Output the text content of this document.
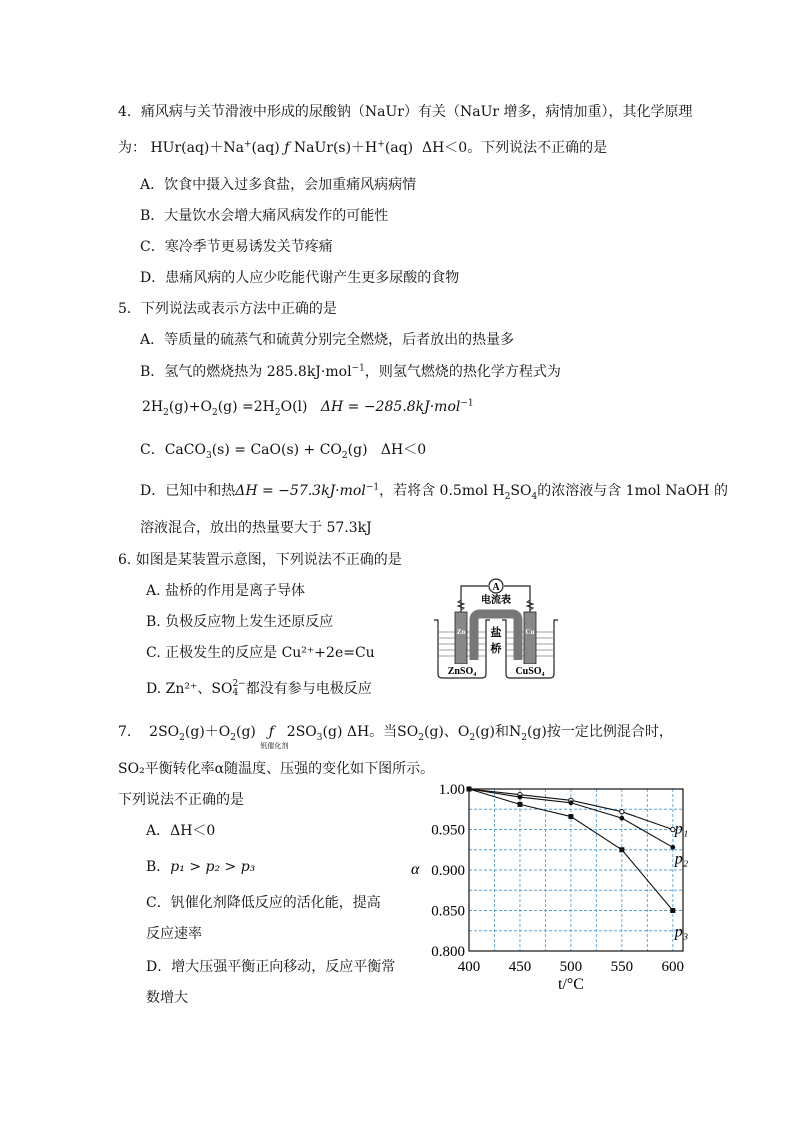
4．痛风病与关节滑液中形成的尿酸钠（NaUr）有关（NaUr 增多，病情加重），其化学原理
为： HUr(aq)＋Na+(aq) ƒ NaUr(s)＋H+(aq) ΔH＜0。下列说法不正确的是
A．饮食中摄入过多食盐，会加重痛风病病情
B．大量饮水会增大痛风病发作的可能性
C．寒冷季节更易诱发关节疼痛
D．患痛风病的人应少吃能代谢产生更多尿酸的食物
5．下列说法或表示方法中正确的是
A．等质量的硫蒸气和硫黄分别完全燃烧，后者放出的热量多
B．氢气的燃烧热为 285.8kJ·mol$^{-1}$，则氢气燃烧的热化学方程式为
$2H_2(g)+O_2(g) =2H_2O(l) \Delta H = -285.8kJ\cdot mol^{-1}$
C．CaCO$_3$(s) = $CaO(s) + CO_2(g)$ ΔH＜0
D．已知中和热ΔH = −57.3kJ·mol$^{-1}$，若将含 0.5mol $H_2SO_4$的浓溶液与含 1mol NaOH 的
溶液混合，放出的热量要大于 57.3kJ
6. 如图是某装置示意图，下列说法不正确的是
A. 盐桥的作用是离子导体
B. 负极反应物上发生还原反应
C. 正极发生的反应是 Cu²⁺+2e=Cu
D. Zn²⁺、SO 2−
4 都没有参与电极反应
A
电流表
Zn	Cu
盐
桥
ZnSO₄	CuSO₄
7. $2SO_2(g)+O_2(g)$ ƒ
钒催化剂
$2SO_3(g)$ ΔH。当$SO_2(g)$、$O_2(g)$和$N_2(g)$按一定比例混合时，
SO₂平衡转化率α随温度、压强的变化如下图所示。
下列说法不正确的是
A．ΔH＜0
B．p₁ > p₂ > p₃
C．钒催化剂降低反应的活化能，提高
反应速率
D．增大压强平衡正向移动，反应平衡常
数增大
400 450 500 550 600
1.00
0.950
0.900
0.850
0.800
p₁
p₂
p₃
α
t/°C
